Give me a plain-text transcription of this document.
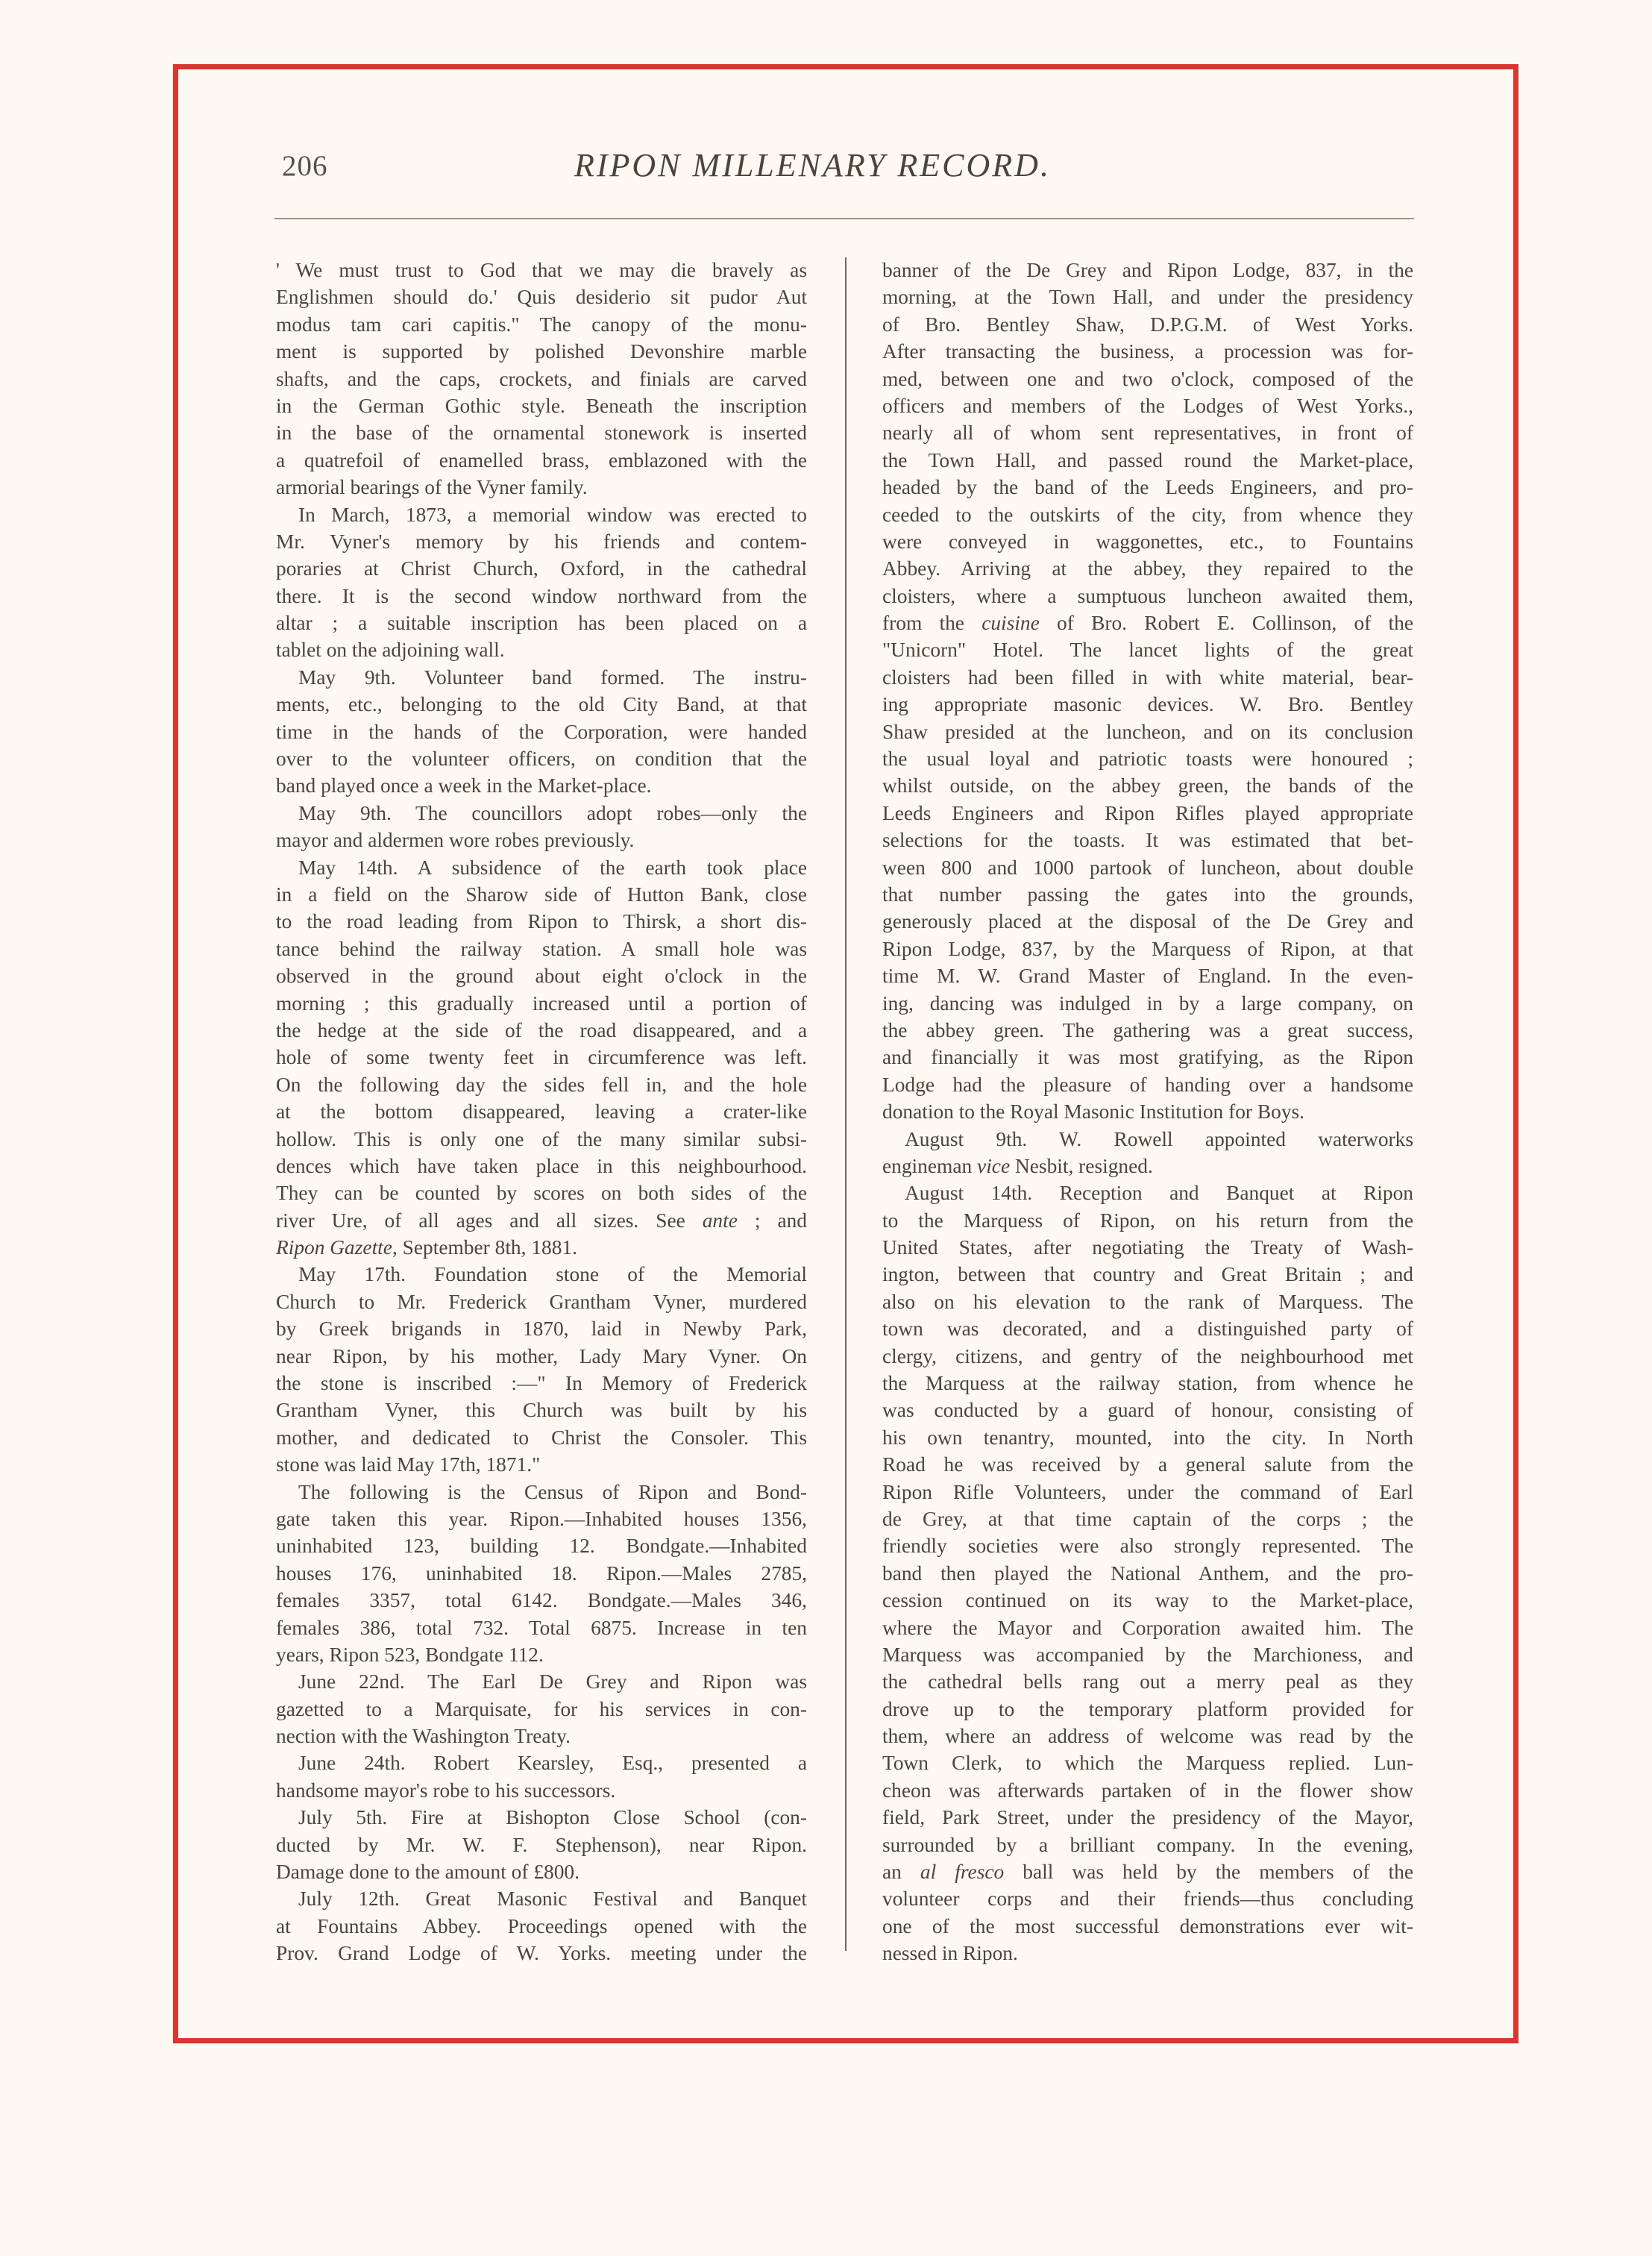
206	RIPON MILLENARY RECORD.
' We must trust to God that we may die bravely as
Englishmen should do.' Quis desiderio sit pudor Aut
modus tam cari capitis." The canopy of the monu-
ment is supported by polished Devonshire marble
shafts, and the caps, crockets, and finials are carved
in the German Gothic style. Beneath the inscription
in the base of the ornamental stonework is inserted
a quatrefoil of enamelled brass, emblazoned with the
armorial bearings of the Vyner family.
In March, 1873, a memorial window was erected to
Mr. Vyner's memory by his friends and contem-
poraries at Christ Church, Oxford, in the cathedral
there. It is the second window northward from the
altar ; a suitable inscription has been placed on a
tablet on the adjoining wall.
May 9th. Volunteer band formed. The instru-
ments, etc., belonging to the old City Band, at that
time in the hands of the Corporation, were handed
over to the volunteer officers, on condition that the
band played once a week in the Market-place.
May 9th. The councillors adopt robes—only the
mayor and aldermen wore robes previously.
May 14th. A subsidence of the earth took place
in a field on the Sharow side of Hutton Bank, close
to the road leading from Ripon to Thirsk, a short dis-
tance behind the railway station. A small hole was
observed in the ground about eight o'clock in the
morning ; this gradually increased until a portion of
the hedge at the side of the road disappeared, and a
hole of some twenty feet in circumference was left.
On the following day the sides fell in, and the hole
at the bottom disappeared, leaving a crater-like
hollow. This is only one of the many similar subsi-
dences which have taken place in this neighbourhood.
They can be counted by scores on both sides of the
river Ure, of all ages and all sizes. See ante ; and
Ripon Gazette, September 8th, 1881.
May 17th. Foundation stone of the Memorial
Church to Mr. Frederick Grantham Vyner, murdered
by Greek brigands in 1870, laid in Newby Park,
near Ripon, by his mother, Lady Mary Vyner. On
the stone is inscribed :—" In Memory of Frederick
Grantham Vyner, this Church was built by his
mother, and dedicated to Christ the Consoler. This
stone was laid May 17th, 1871."
The following is the Census of Ripon and Bond-
gate taken this year. Ripon.—Inhabited houses 1356,
uninhabited 123, building 12. Bondgate.—Inhabited
houses 176, uninhabited 18. Ripon.—Males 2785,
females 3357, total 6142. Bondgate.—Males 346,
females 386, total 732. Total 6875. Increase in ten
years, Ripon 523, Bondgate 112.
June 22nd. The Earl De Grey and Ripon was
gazetted to a Marquisate, for his services in con-
nection with the Washington Treaty.
June 24th. Robert Kearsley, Esq., presented a
handsome mayor's robe to his successors.
July 5th. Fire at Bishopton Close School (con-
ducted by Mr. W. F. Stephenson), near Ripon.
Damage done to the amount of £800.
July 12th. Great Masonic Festival and Banquet
at Fountains Abbey. Proceedings opened with the
Prov. Grand Lodge of W. Yorks. meeting under the
banner of the De Grey and Ripon Lodge, 837, in the
morning, at the Town Hall, and under the presidency
of Bro. Bentley Shaw, D.P.G.M. of West Yorks.
After transacting the business, a procession was for-
med, between one and two o'clock, composed of the
officers and members of the Lodges of West Yorks.,
nearly all of whom sent representatives, in front of
the Town Hall, and passed round the Market-place,
headed by the band of the Leeds Engineers, and pro-
ceeded to the outskirts of the city, from whence they
were conveyed in waggonettes, etc., to Fountains
Abbey. Arriving at the abbey, they repaired to the
cloisters, where a sumptuous luncheon awaited them,
from the cuisine of Bro. Robert E. Collinson, of the
"Unicorn" Hotel. The lancet lights of the great
cloisters had been filled in with white material, bear-
ing appropriate masonic devices. W. Bro. Bentley
Shaw presided at the luncheon, and on its conclusion
the usual loyal and patriotic toasts were honoured ;
whilst outside, on the abbey green, the bands of the
Leeds Engineers and Ripon Rifles played appropriate
selections for the toasts. It was estimated that bet-
ween 800 and 1000 partook of luncheon, about double
that number passing the gates into the grounds,
generously placed at the disposal of the De Grey and
Ripon Lodge, 837, by the Marquess of Ripon, at that
time M. W. Grand Master of England. In the even-
ing, dancing was indulged in by a large company, on
the abbey green. The gathering was a great success,
and financially it was most gratifying, as the Ripon
Lodge had the pleasure of handing over a handsome
donation to the Royal Masonic Institution for Boys.
August 9th. W. Rowell appointed waterworks
engineman vice Nesbit, resigned.
August 14th. Reception and Banquet at Ripon
to the Marquess of Ripon, on his return from the
United States, after negotiating the Treaty of Wash-
ington, between that country and Great Britain ; and
also on his elevation to the rank of Marquess. The
town was decorated, and a distinguished party of
clergy, citizens, and gentry of the neighbourhood met
the Marquess at the railway station, from whence he
was conducted by a guard of honour, consisting of
his own tenantry, mounted, into the city. In North
Road he was received by a general salute from the
Ripon Rifle Volunteers, under the command of Earl
de Grey, at that time captain of the corps ; the
friendly societies were also strongly represented. The
band then played the National Anthem, and the pro-
cession continued on its way to the Market-place,
where the Mayor and Corporation awaited him. The
Marquess was accompanied by the Marchioness, and
the cathedral bells rang out a merry peal as they
drove up to the temporary platform provided for
them, where an address of welcome was read by the
Town Clerk, to which the Marquess replied. Lun-
cheon was afterwards partaken of in the flower show
field, Park Street, under the presidency of the Mayor,
surrounded by a brilliant company. In the evening,
an al fresco ball was held by the members of the
volunteer corps and their friends—thus concluding
one of the most successful demonstrations ever wit-
nessed in Ripon.
